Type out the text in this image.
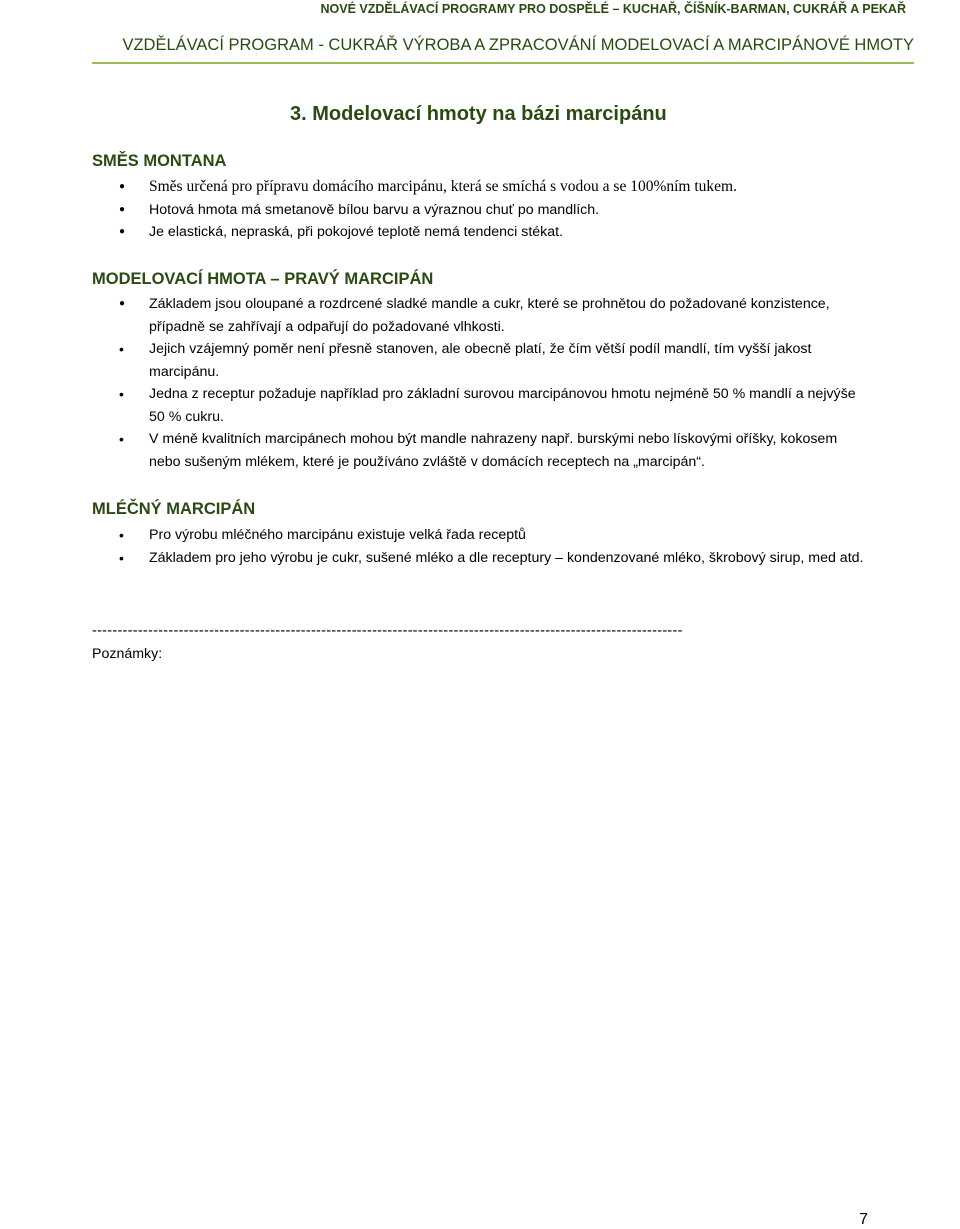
NOVÉ VZDĚLÁVACÍ PROGRAMY PRO DOSPĚLÉ – KUCHAŘ, ČÍŠNÍK-BARMAN, CUKRÁŘ A PEKAŘ
VZDĚLÁVACÍ PROGRAM - CUKRÁŘ VÝROBA A ZPRACOVÁNÍ MODELOVACÍ A MARCIPÁNOVÉ HMOTY
3. Modelovací hmoty na bázi marcipánu
SMĚS MONTANA
● Směs určená pro přípravu domácího marcipánu, která se smíchá s vodou a se 100%ním tukem.
● Hotová hmota má smetanově bílou barvu a výraznou chuť po mandlích.
● Je elastická, nepraská, při pokojové teplotě nemá tendenci stékat.
MODELOVACÍ HMOTA – PRAVÝ MARCIPÁN
● Základem jsou oloupané a rozdrcené sladké mandle a cukr, které se prohnětou do požadované konzistence, případně se zahřívají a odpařují do požadované vlhkosti.
• Jejich vzájemný poměr není přesně stanoven, ale obecně platí, že čím větší podíl mandlí, tím vyšší jakost marcipánu.
• Jedna z receptur požaduje například pro základní surovou marcipánovou hmotu nejméně 50 % mandlí a nejvýše 50 % cukru.
• V méně kvalitních marcipánech mohou být mandle nahrazeny např. burskými nebo lískovými oříšky, kokosem nebo sušeným mlékem, které je používáno zvláště v domácích receptech na „marcipán“.
MLÉČNÝ MARCIPÁN
• Pro výrobu mléčného marcipánu existuje velká řada receptů
• Základem pro jeho výrobu je cukr, sušené mléko a dle receptury – kondenzované mléko, škrobový sirup, med atd.
--------------------------------------------------------------------------------------------------------------------
Poznámky:
7
